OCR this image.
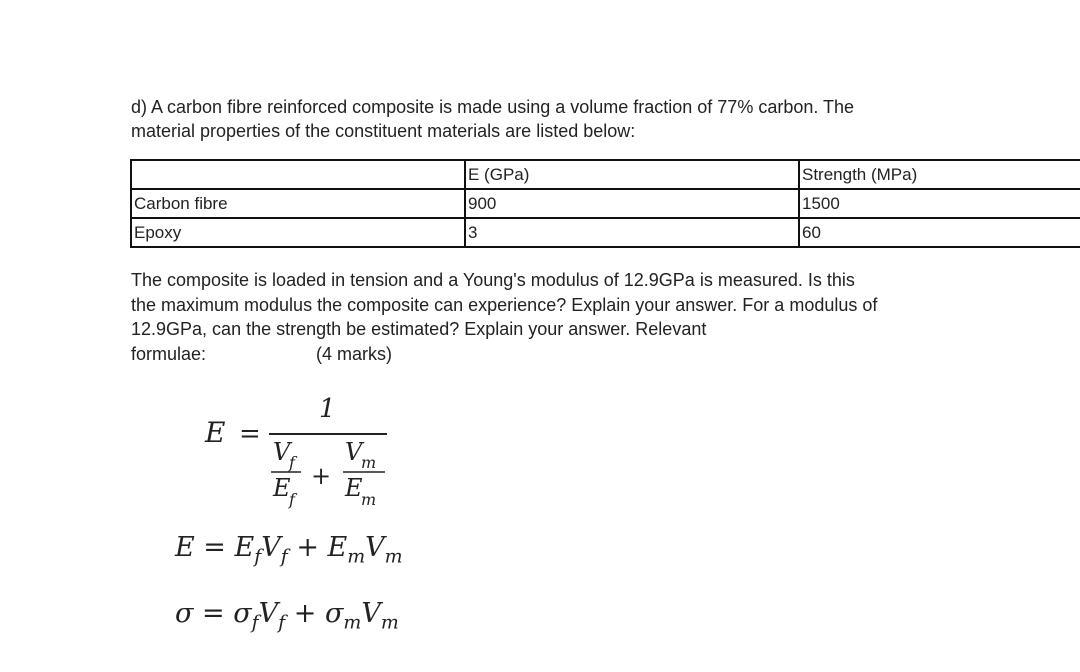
d) A carbon fibre reinforced composite is made using a volume fraction of 77% carbon. The
material properties of the constituent materials are listed below:

	E (GPa)	Strength (MPa)
Carbon fibre	900	1500
Epoxy	3	60

The composite is loaded in tension and a Young's modulus of 12.9GPa is measured. Is this
the maximum modulus the composite can experience? Explain your answer. For a modulus of
12.9GPa, can the strength be estimated? Explain your answer. Relevant
formulae:	(4 marks)

E =
1
V
f
E
f
+
V
m
E
m
$E = E_fV_f + E_mV_m$
$\sigma = \sigma_fV_f + \sigma_mV_m$
